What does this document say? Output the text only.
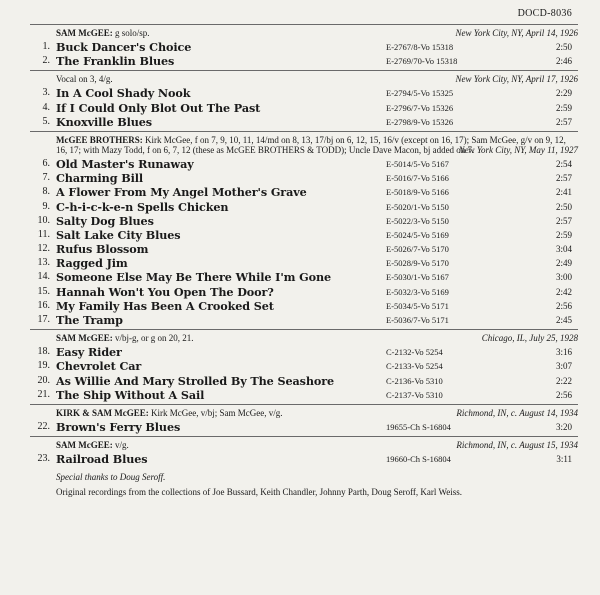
DOCD-8036
SAM McGEE: g solo/sp.	New York City, NY, April 14, 1926
1. Buck Dancer's Choice	E-2767/8-Vo 15318	2:50
2. The Franklin Blues	E-2769/70-Vo 15318	2:46
Vocal on 3, 4/g.	New York City, NY, April 17, 1926
3. In A Cool Shady Nook	E-2794/5-Vo 15325	2:29
4. If I Could Only Blot Out The Past	E-2796/7-Vo 15326	2:59
5. Knoxville Blues	E-2798/9-Vo 15326	2:57
McGEE BROTHERS: Kirk McGee, f on 7, 9, 10, 11, 14/md on 8, 13, 17/bj on 6, 12, 15, 16/v (except on 16, 17); Sam McGee, g/v on 9, 12, 16, 17; with Mazy Todd, f on 6, 7, 12 (these as McGEE BROTHERS & TODD); Uncle Dave Macon, bj added on 7.
New York City, NY, May 11, 1927
6. Old Master's Runaway	E-5014/5-Vo 5167	2:54
7. Charming Bill	E-5016/7-Vo 5166	2:57
8. A Flower From My Angel Mother's Grave	E-5018/9-Vo 5166	2:41
9. C-h-i-c-k-e-n Spells Chicken	E-5020/1-Vo 5150	2:50
10. Salty Dog Blues	E-5022/3-Vo 5150	2:57
11. Salt Lake City Blues	E-5024/5-Vo 5169	2:59
12. Rufus Blossom	E-5026/7-Vo 5170	3:04
13. Ragged Jim	E-5028/9-Vo 5170	2:49
14. Someone Else May Be There While I'm Gone	E-5030/1-Vo 5167	3:00
15. Hannah Won't You Open The Door?	E-5032/3-Vo 5169	2:42
16. My Family Has Been A Crooked Set	E-5034/5-Vo 5171	2:56
17. The Tramp	E-5036/7-Vo 5171	2:45
SAM McGEE: v/bj-g, or g on 20, 21.	Chicago, IL, July 25, 1928
18. Easy Rider	C-2132-Vo 5254	3:16
19. Chevrolet Car	C-2133-Vo 5254	3:07
20. As Willie And Mary Strolled By The Seashore	C-2136-Vo 5310	2:22
21. The Ship Without A Sail	C-2137-Vo 5310	2:56
KIRK & SAM McGEE: Kirk McGee, v/bj; Sam McGee, v/g.	Richmond, IN, c. August 14, 1934
22. Brown's Ferry Blues	19655-Ch S-16804	3:20
SAM McGEE: v/g.	Richmond, IN, c. August 15, 1934
23. Railroad Blues	19660-Ch S-16804	3:11
Special thanks to Doug Seroff.
Original recordings from the collections of Joe Bussard, Keith Chandler, Johnny Parth, Doug Seroff, Karl Weiss.
